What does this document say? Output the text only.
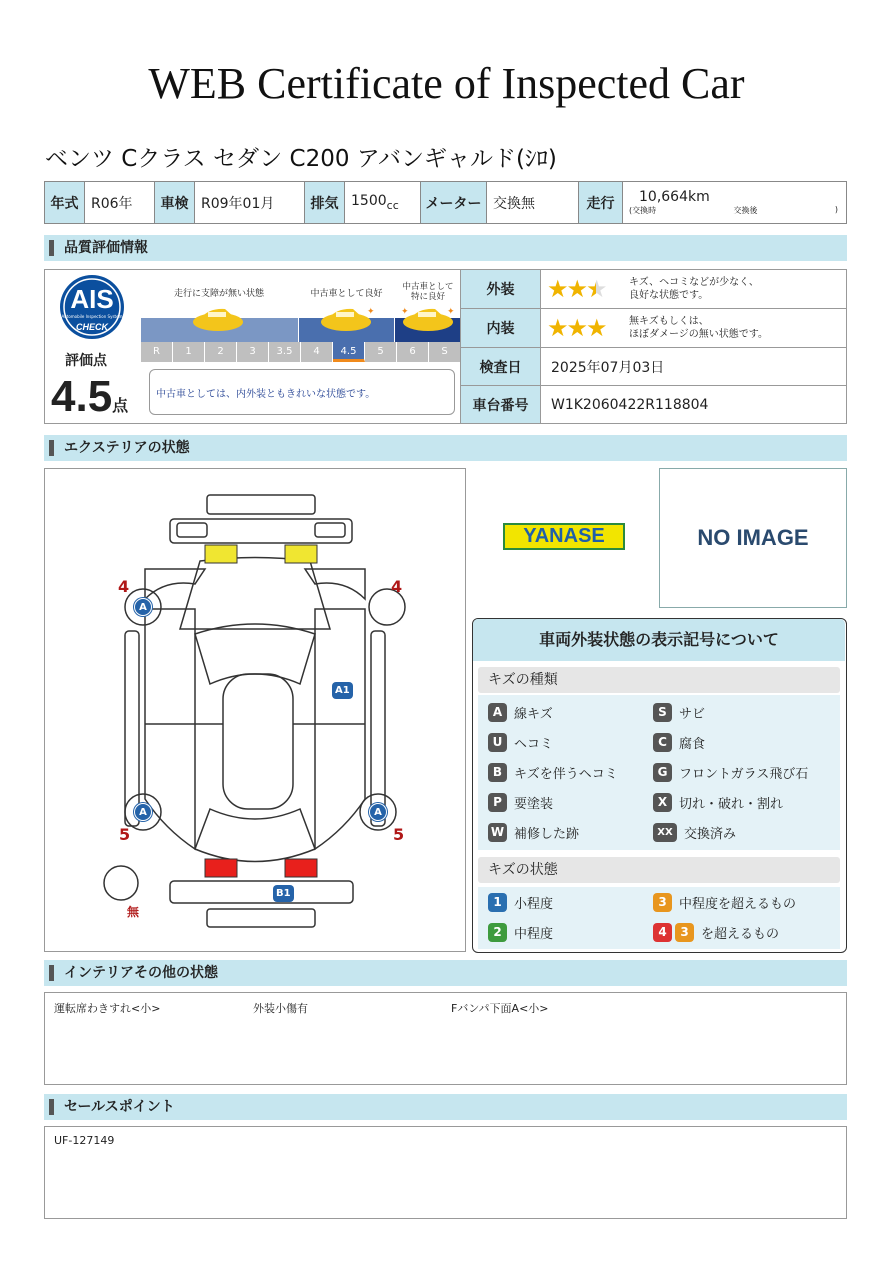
WEB Certificate of Inspected Car
ベンツ Cクラス セダン C200 アバンギャルド(ｼﾛ)
年式	R06年	車検	R09年01月	排気	$1500_{cc}$	メーター	交換無	走行	10,664km
(交換時	交換後	)
品質評価情報
AIS
Automobile Inspection System
CHECK
評価点
4.5点
走行に支障が無い状態	中古車として良好
✦
中古車として
特に良好
✦	✦
R	1	2	3	3.5	4	4.5	5	6	S
中古車としては、内外装ともきれいな状態です。
外装	★★★	キズ、ヘコミなどが少なく、
良好な状態です。
内装	★★★	無キズもしくは、
ほぼダメージの無い状態です。
検査日	2025年07月03日
車台番号	W1K2060422R118804
エクステリアの状態
4	4
5	5
無
A
A	A
A1
B1
YANASE	NO IMAGE
車両外装状態の表示記号について
キズの種類
A 線キズ	S サビ
U ヘコミ	C 腐食
B キズを伴うヘコミ	G フロントガラス飛び石
P 要塗装	X 切れ・破れ・割れ
W 補修した跡	XX 交換済み
キズの状態
1 小程度	3 中程度を超えるもの
2 中程度	4	3 を超えるもの
インテリアその他の状態
運転席わきすれ<小>	外装小傷有	Fバンパ下面A<小>
セールスポイント
UF-127149
